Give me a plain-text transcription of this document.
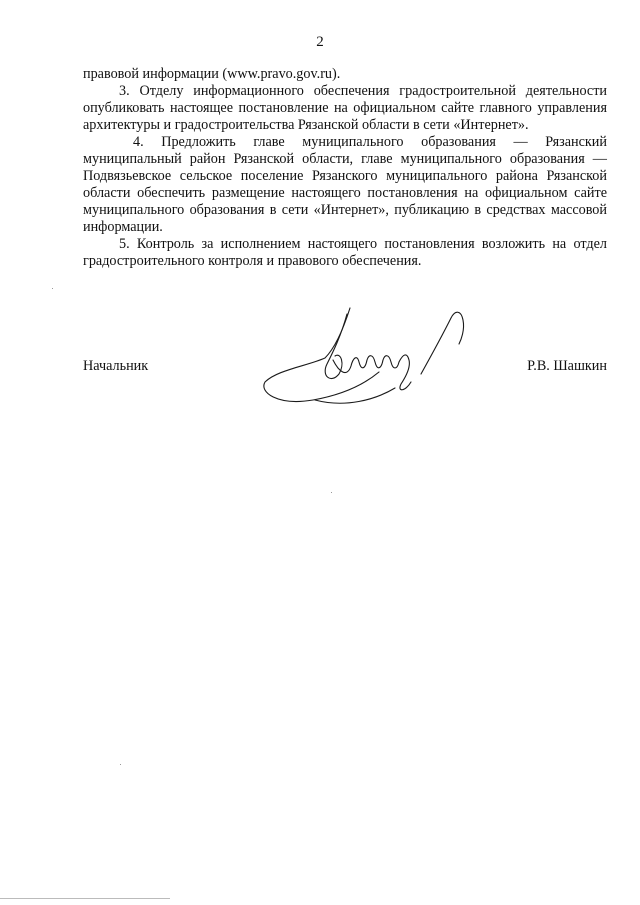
2

правовой информации (www.pravo.gov.ru).

3. Отделу информационного обеспечения градостроительной деятельности опубликовать настоящее постановление на официальном сайте главного управления архитектуры и градостроительства Рязанской области в сети «Интернет».

4. Предложить главе муниципального образования — Рязанский муниципальный район Рязанской области, главе муниципального образования — Подвязьевское сельское поселение Рязанского муниципального района Рязанской области обеспечить размещение настоящего постановления на официальном сайте муниципального образования в сети «Интернет», публикацию в средствах массовой информации.

5. Контроль за исполнением настоящего постановления возложить на отдел градостроительного контроля и правового обеспечения.

Начальник	Р.В. Шашкин
